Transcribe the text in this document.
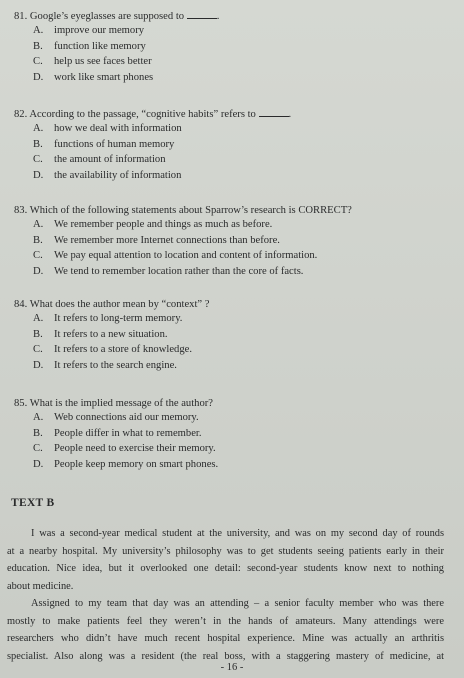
81. Google’s eyeglasses are supposed to	.
A. improve our memory
B. function like memory
C. help us see faces better
D. work like smart phones
82. According to the passage, “cognitive habits” refers to	.
A. how we deal with information
B. functions of human memory
C. the amount of information
D. the availability of information
83. Which of the following statements about Sparrow’s research is CORRECT?
A. We remember people and things as much as before.
B. We remember more Internet connections than before.
C. We pay equal attention to location and content of information.
D. We tend to remember location rather than the core of facts.
84. What does the author mean by “context” ?
A. It refers to long-term memory.
B. It refers to a new situation.
C. It refers to a store of knowledge.
D. It refers to the search engine.
85. What is the implied message of the author?
A. Web connections aid our memory.
B. People differ in what to remember.
C. People need to exercise their memory.
D. People keep memory on smart phones.
TEXT B
I was a second-year medical student at the university, and was on my second day of rounds
at a nearby hospital. My university’s philosophy was to get students seeing patients early in their
education. Nice idea, but it overlooked one detail: second-year students know next to nothing
about medicine.
Assigned to my team that day was an attending – a senior faculty member who was there
mostly to make patients feel they weren’t in the hands of amateurs. Many attendings were
researchers who didn’t have much recent hospital experience. Mine was actually an arthritis
specialist. Also along was a resident (the real boss, with a staggering mastery of medicine, at
- 16 -
